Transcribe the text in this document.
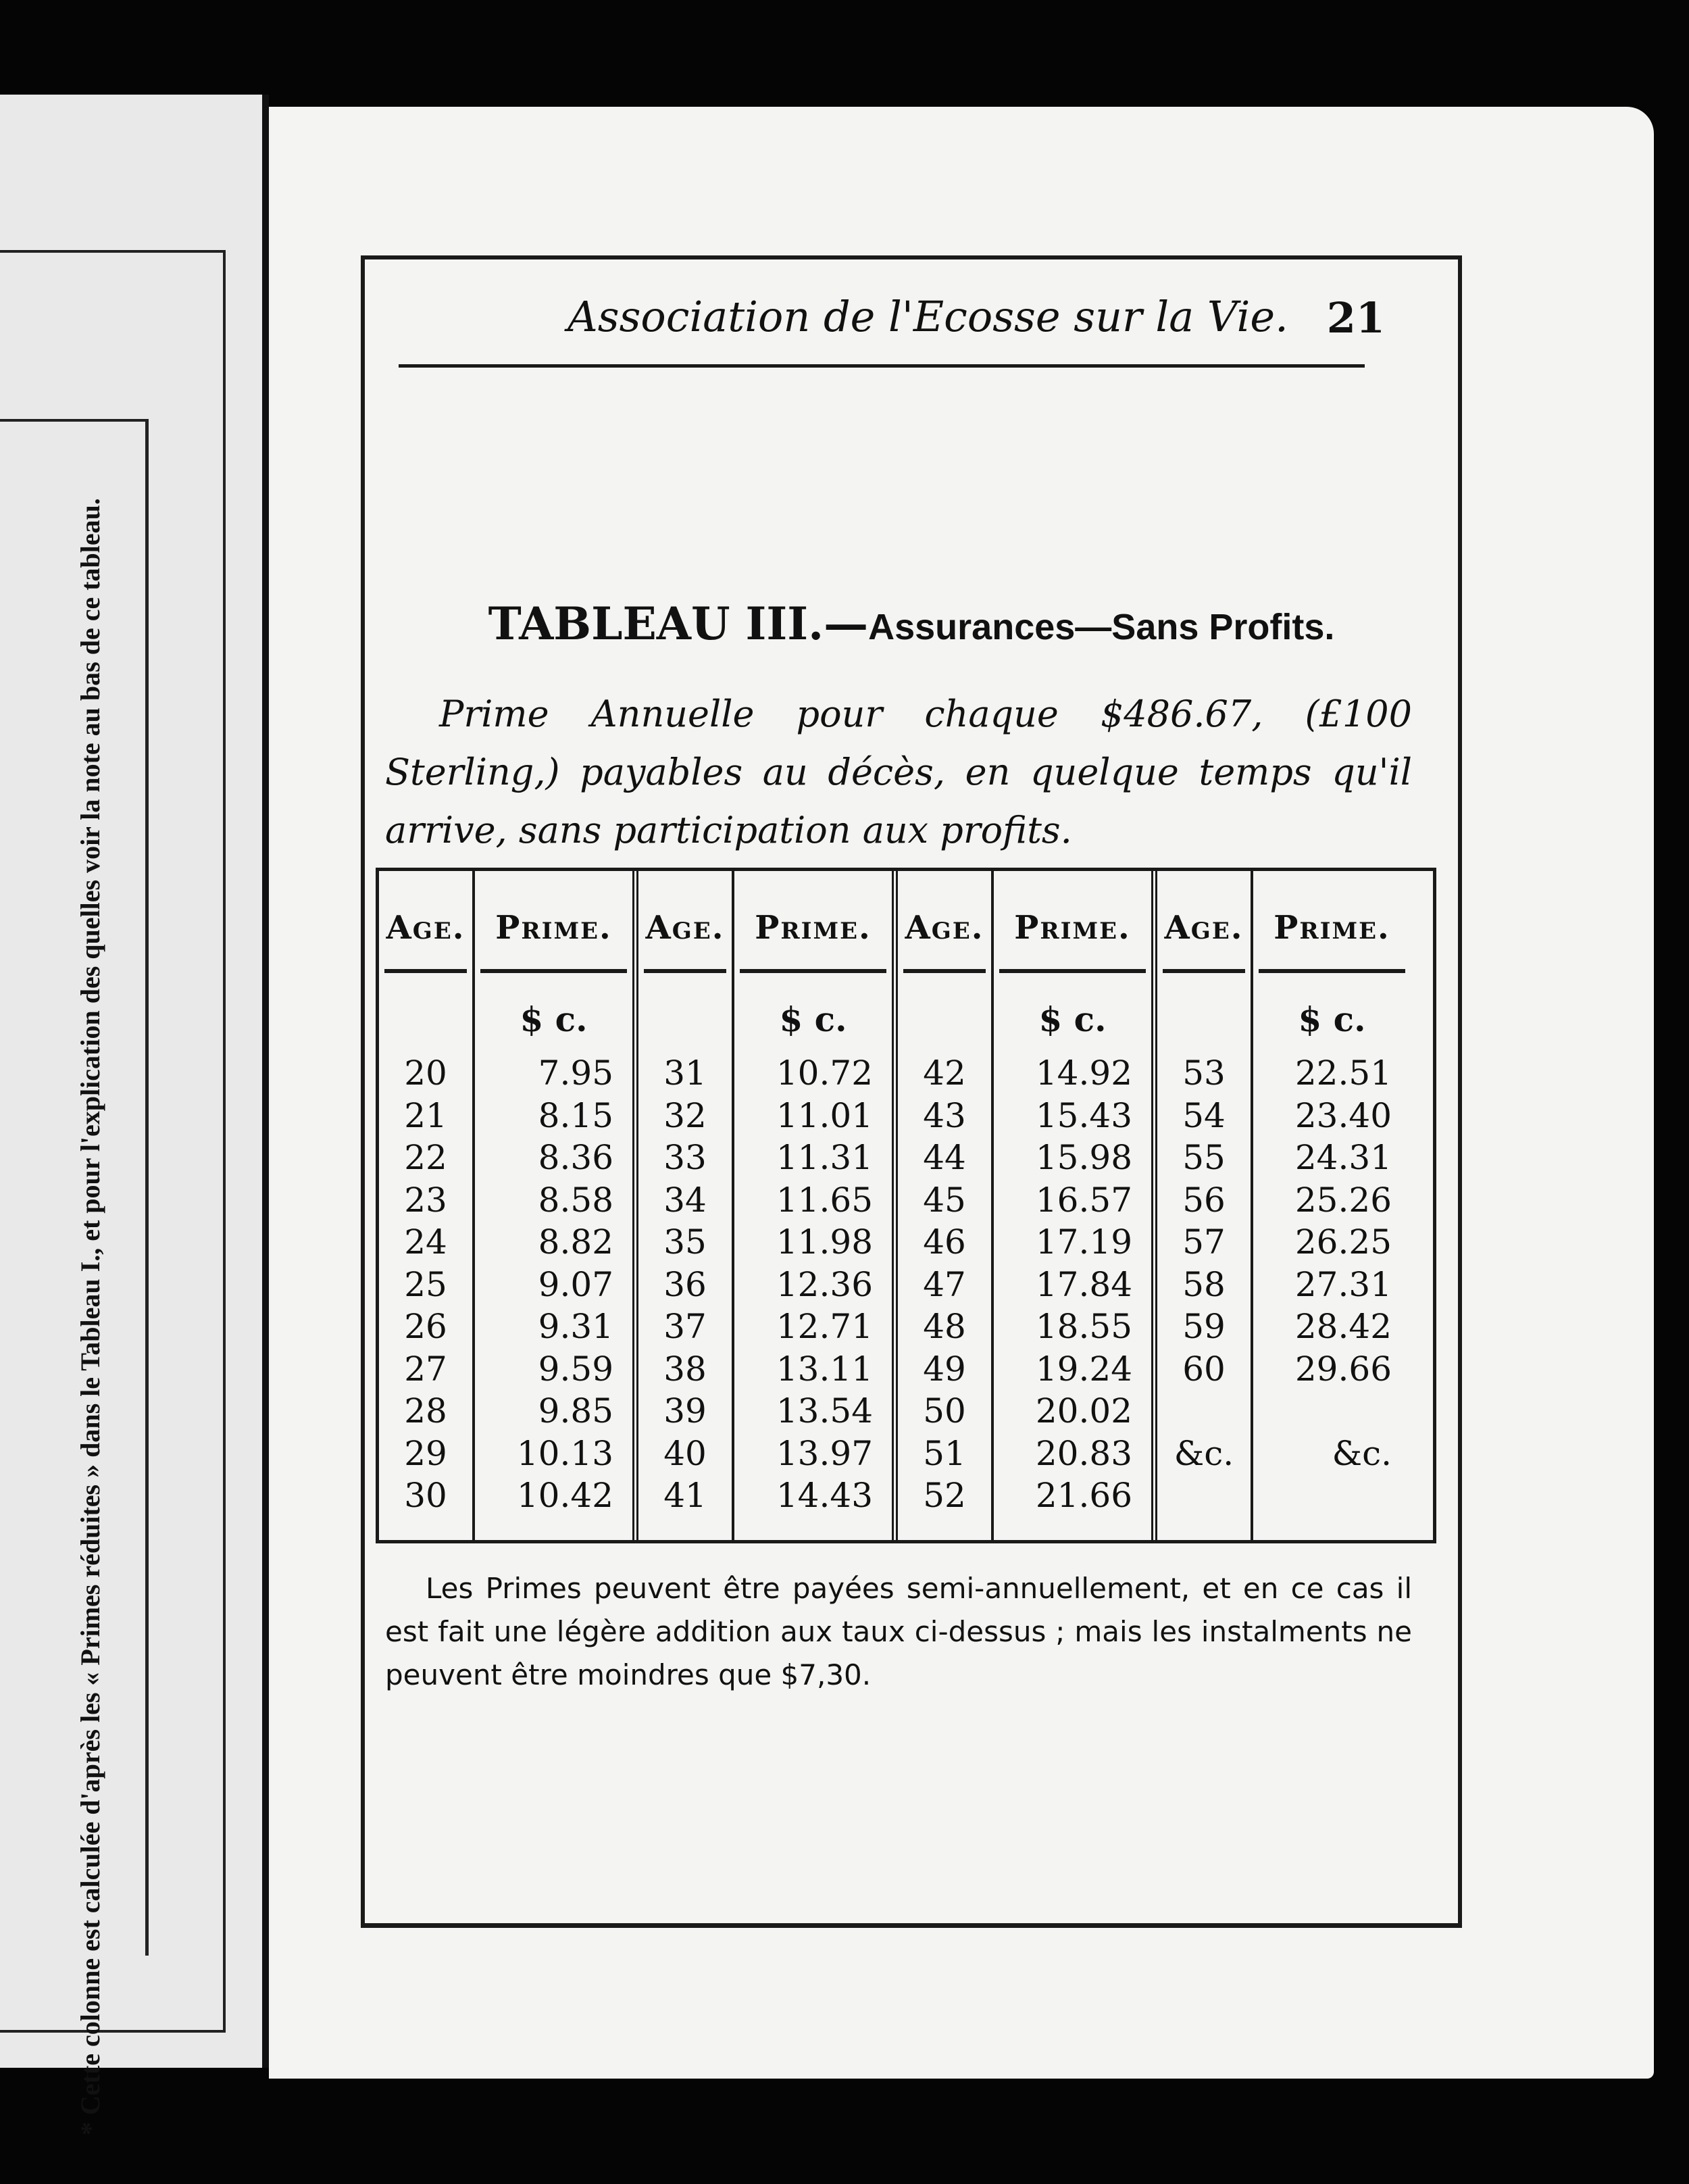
* Cette colonne est calculée d'après les « Primes réduites » dans le Tableau I., et pour l'explication des quelles voir la note au bas de ce tableau.
Association de l'Ecosse sur la Vie. 21
TABLEAU III.—Assurances—Sans Profits.
Prime Annuelle pour chaque $486.67, (£100 Sterling,) payables au décès, en quelque temps qu'il arrive, sans participation aux profits.
Age.
20
21
22
23
24
25
26
27
28
29
30
Prime.
$ c.
7.95
8.15
8.36
8.58
8.82
9.07
9.31
9.59
9.85
10.13
10.42
Age.
31
32
33
34
35
36
37
38
39
40
41
Prime.
$ c.
10.72
11.01
11.31
11.65
11.98
12.36
12.71
13.11
13.54
13.97
14.43
Age.
42
43
44
45
46
47
48
49
50
51
52
Prime.
$ c.
14.92
15.43
15.98
16.57
17.19
17.84
18.55
19.24
20.02
20.83
21.66
Age.
53
54
55
56
57
58
59
60
&c.
Prime.
$ c.
22.51
23.40
24.31
25.26
26.25
27.31
28.42
29.66
&c.
Les Primes peuvent être payées semi-annuellement, et en ce cas il est fait une légère addition aux taux ci-dessus ; mais les instalments ne peuvent être moindres que $7,30.
